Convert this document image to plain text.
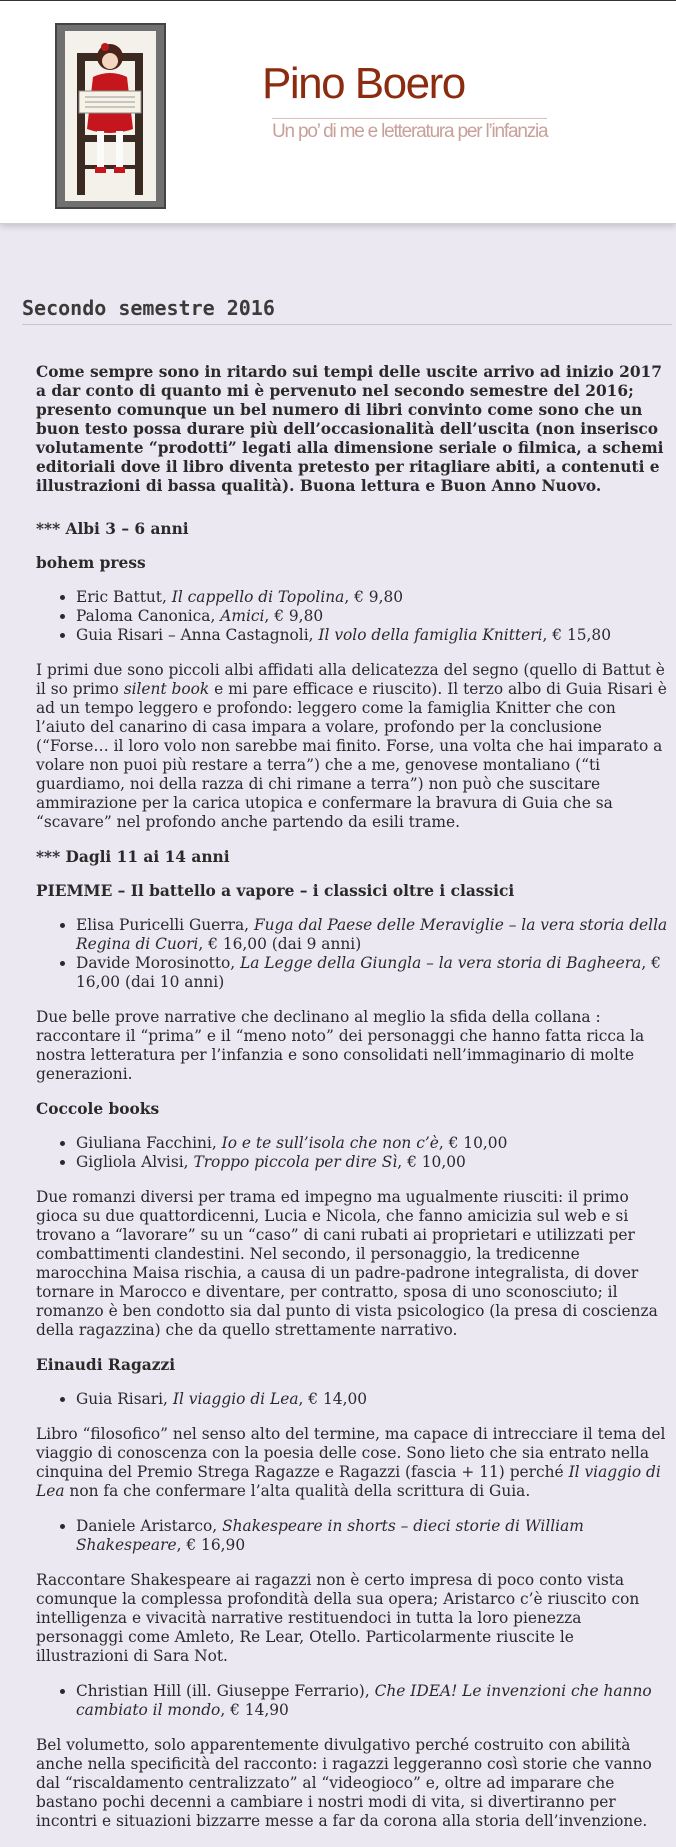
Pino Boero
Un po’ di me e letteratura per l’infanzia
Secondo semestre 2016

Come sempre sono in ritardo sui tempi delle uscite arrivo ad inizio 2017 a dar conto di quanto mi è pervenuto nel secondo semestre del 2016; presento comunque un bel numero di libri convinto come sono che un buon testo possa durare più dell’occasionalità dell’uscita (non inserisco volutamente “prodotti” legati alla dimensione seriale o filmica, a schemi editoriali dove il libro diventa pretesto per ritagliare abiti, a contenuti e illustrazioni di bassa qualità). Buona lettura e Buon Anno Nuovo.

*** Albi 3 – 6 anni
bohem press
• Eric Battut, Il cappello di Topolina, € 9,80
• Paloma Canonica, Amici, € 9,80
• Guia Risari – Anna Castagnoli, Il volo della famiglia Knitteri, € 15,80

I primi due sono piccoli albi affidati alla delicatezza del segno (quello di Battut è il so primo silent book e mi pare efficace e riuscito). Il terzo albo di Guia Risari è ad un tempo leggero e profondo: leggero come la famiglia Knitter che con l’aiuto del canarino di casa impara a volare, profondo per la conclusione (“Forse… il loro volo non sarebbe mai finito. Forse, una volta che hai imparato a volare non puoi più restare a terra”) che a me, genovese montaliano (“ti guardiamo, noi della razza di chi rimane a terra”) non può che suscitare ammirazione per la carica utopica e confermare la bravura di Guia che sa “scavare” nel profondo anche partendo da esili trame.

*** Dagli 11 ai 14 anni
PIEMME – Il battello a vapore – i classici oltre i classici
• Elisa Puricelli Guerra, Fuga dal Paese delle Meraviglie – la vera storia della Regina di Cuori, € 16,00 (dai 9 anni)
• Davide Morosinotto, La Legge della Giungla – la vera storia di Bagheera, € 16,00 (dai 10 anni)

Due belle prove narrative che declinano al meglio la sfida della collana : raccontare il “prima” e il “meno noto” dei personaggi che hanno fatta ricca la nostra letteratura per l’infanzia e sono consolidati nell’immaginario di molte generazioni.

Coccole books
• Giuliana Facchini, Io e te sull’isola che non c’è, € 10,00
• Gigliola Alvisi, Troppo piccola per dire Sì, € 10,00

Due romanzi diversi per trama ed impegno ma ugualmente riusciti: il primo gioca su due quattordicenni, Lucia e Nicola, che fanno amicizia sul web e si trovano a “lavorare” su un “caso” di cani rubati ai proprietari e utilizzati per combattimenti clandestini. Nel secondo, il personaggio, la tredicenne marocchina Maisa rischia, a causa di un padre-padrone integralista, di dover tornare in Marocco e diventare, per contratto, sposa di uno sconosciuto; il romanzo è ben condotto sia dal punto di vista psicologico (la presa di coscienza della ragazzina) che da quello strettamente narrativo.

Einaudi Ragazzi
• Guia Risari, Il viaggio di Lea, € 14,00

Libro “filosofico” nel senso alto del termine, ma capace di intrecciare il tema del viaggio di conoscenza con la poesia delle cose. Sono lieto che sia entrato nella cinquina del Premio Strega Ragazze e Ragazzi (fascia + 11) perché Il viaggio di Lea non fa che confermare l’alta qualità della scrittura di Guia.

• Daniele Aristarco, Shakespeare in shorts – dieci storie di William Shakespeare, € 16,90

Raccontare Shakespeare ai ragazzi non è certo impresa di poco conto vista comunque la complessa profondità della sua opera; Aristarco c’è riuscito con intelligenza e vivacità narrative restituendoci in tutta la loro pienezza personaggi come Amleto, Re Lear, Otello. Particolarmente riuscite le illustrazioni di Sara Not.

• Christian Hill (ill. Giuseppe Ferrario), Che IDEA! Le invenzioni che hanno cambiato il mondo, € 14,90

Bel volumetto, solo apparentemente divulgativo perché costruito con abilità anche nella specificità del racconto: i ragazzi leggeranno così storie che vanno dal “riscaldamento centralizzato” al “videogioco” e, oltre ad imparare che bastano pochi decenni a cambiare i nostri modi di vita, si divertiranno per incontri e situazioni bizzarre messe a far da corona alla storia dell’invenzione.
